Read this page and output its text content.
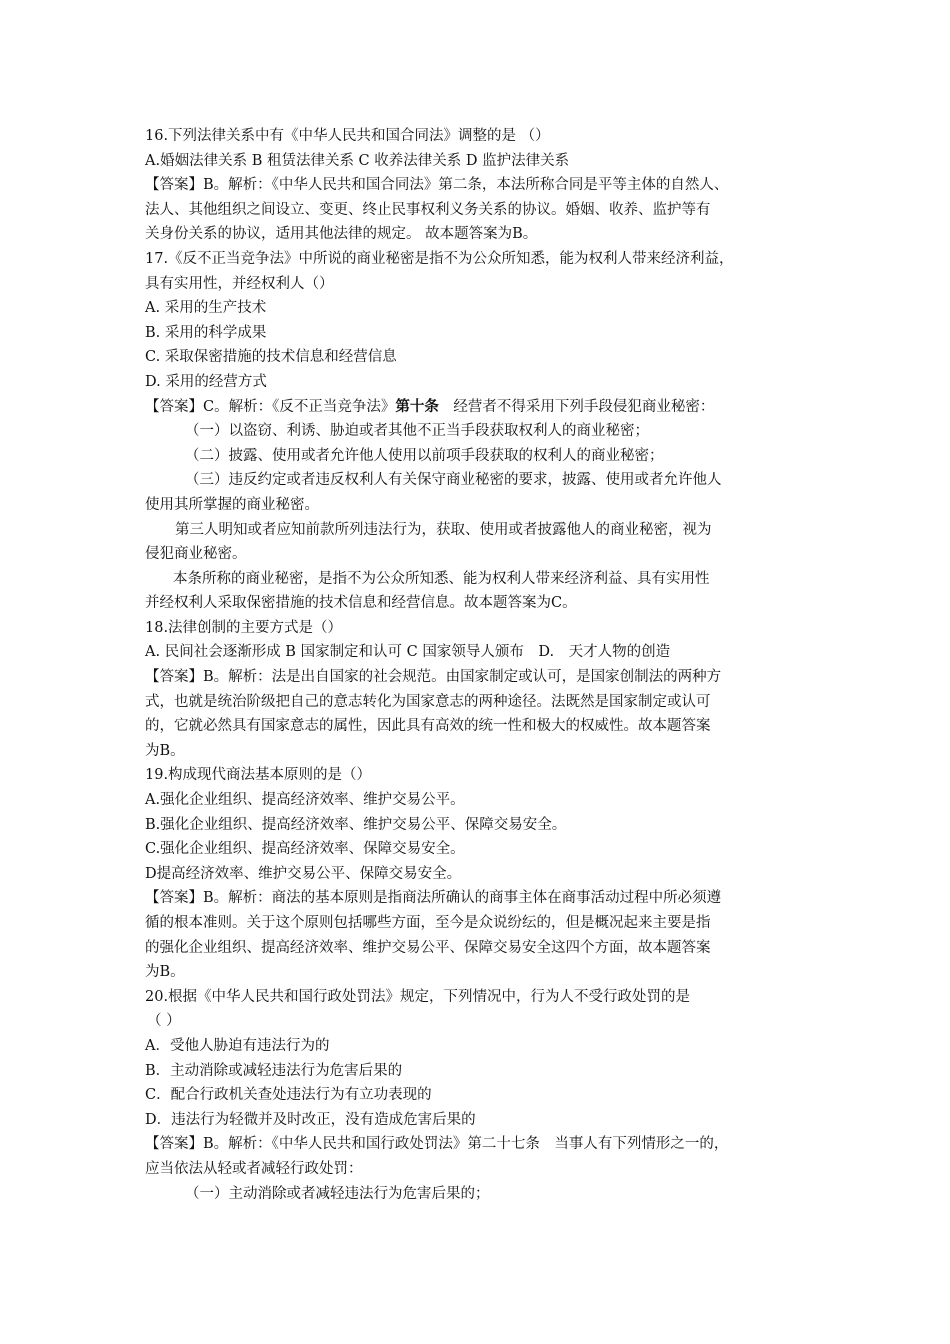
16.下列法律关系中有《中华人民共和国合同法》调整的是 （）
A.婚姻法律关系 B 租赁法律关系 C 收养法律关系 D 监护法律关系
【答案】B。解析：《中华人民共和国合同法》第二条，本法所称合同是平等主体的自然人、
法人、其他组织之间设立、变更、终止民事权利义务关系的协议。婚姻、收养、监护等有
关身份关系的协议，适用其他法律的规定。 故本题答案为B。
17.《反不正当竞争法》中所说的商业秘密是指不为公众所知悉，能为权利人带来经济利益，
具有实用性，并经权利人（）
A. 采用的生产技术
B. 采用的科学成果
C. 采取保密措施的技术信息和经营信息
D. 采用的经营方式
【答案】C。解析：《反不正当竞争法》第十条　经营者不得采用下列手段侵犯商业秘密：
（一）以盗窃、利诱、胁迫或者其他不正当手段获取权利人的商业秘密；
（二）披露、使用或者允许他人使用以前项手段获取的权利人的商业秘密；
（三）违反约定或者违反权利人有关保守商业秘密的要求，披露、使用或者允许他人
使用其所掌握的商业秘密。
第三人明知或者应知前款所列违法行为，获取、使用或者披露他人的商业秘密，视为
侵犯商业秘密。
本条所称的商业秘密，是指不为公众所知悉、能为权利人带来经济利益、具有实用性
并经权利人采取保密措施的技术信息和经营信息。故本题答案为C。
18.法律创制的主要方式是（）
A. 民间社会逐渐形成 B 国家制定和认可 C 国家领导人颁布　D.　天才人物的创造
【答案】B。解析：法是出自国家的社会规范。由国家制定或认可，是国家创制法的两种方
式，也就是统治阶级把自己的意志转化为国家意志的两种途径。法既然是国家制定或认可
的，它就必然具有国家意志的属性，因此具有高效的统一性和极大的权威性。故本题答案
为B。
19.构成现代商法基本原则的是（）
A.强化企业组织、提高经济效率、维护交易公平。
B.强化企业组织、提高经济效率、维护交易公平、保障交易安全。
C.强化企业组织、提高经济效率、保障交易安全。
D提高经济效率、维护交易公平、保障交易安全。
【答案】B。解析：商法的基本原则是指商法所确认的商事主体在商事活动过程中所必须遵
循的根本准则。关于这个原则包括哪些方面，至今是众说纷纭的，但是概况起来主要是指
的强化企业组织、提高经济效率、维护交易公平、保障交易安全这四个方面，故本题答案
为B。
20.根据《中华人民共和国行政处罚法》规定，下列情况中，行为人不受行政处罚的是
（ ）
A．受他人胁迫有违法行为的
B．主动消除或减轻违法行为危害后果的
C．配合行政机关查处违法行为有立功表现的
D．违法行为轻微并及时改正，没有造成危害后果的
【答案】B。解析：《中华人民共和国行政处罚法》第二十七条　当事人有下列情形之一的，
应当依法从轻或者减轻行政处罚：
（一）主动消除或者减轻违法行为危害后果的；
